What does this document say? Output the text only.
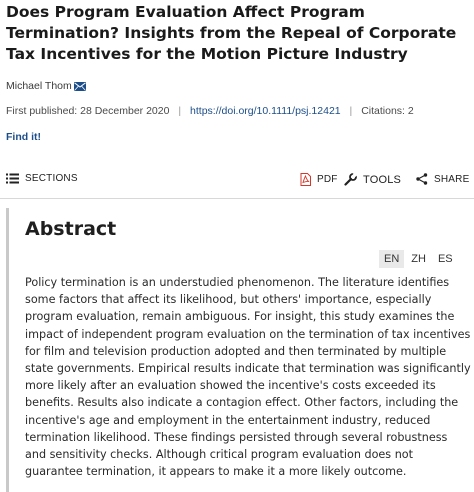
Does Program Evaluation Affect Program Termination? Insights from the Repeal of Corporate Tax Incentives for the Motion Picture Industry
Michael Thom
First published: 28 December 2020 | https://doi.org/10.1111/psj.12421 | Citations: 2
Find it!
SECTIONS	PDF TOOLS	SHARE
Abstract
EN	ZH	ES

Policy termination is an understudied phenomenon. The literature identifies some factors that affect its likelihood, but others' importance, especially program evaluation, remain ambiguous. For insight, this study examines the impact of independent program evaluation on the termination of tax incentives for film and television production adopted and then terminated by multiple state governments. Empirical results indicate that termination was significantly more likely after an evaluation showed the incentive's costs exceeded its benefits. Results also indicate a contagion effect. Other factors, including the incentive's age and employment in the entertainment industry, reduced termination likelihood. These findings persisted through several robustness and sensitivity checks. Although critical program evaluation does not guarantee termination, it appears to make it a more likely outcome.
